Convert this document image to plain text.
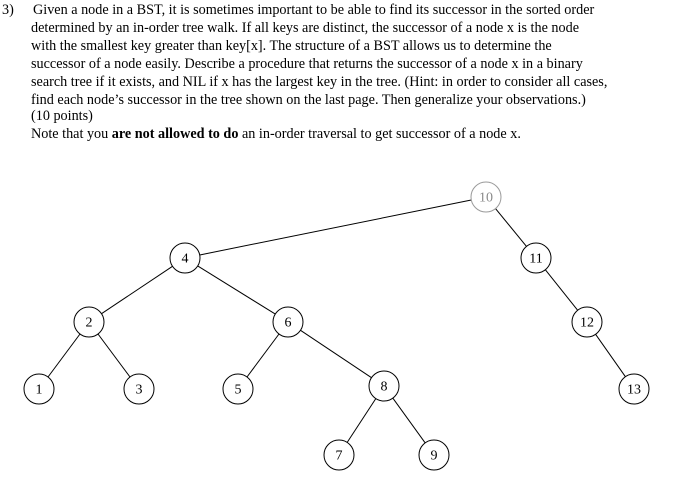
3) Given a node in a BST, it is sometimes important to be able to find its successor in the sorted order
determined by an in-order tree walk. If all keys are distinct, the successor of a node x is the node
with the smallest key greater than key[x]. The structure of a BST allows us to determine the
successor of a node easily. Describe a procedure that returns the successor of a node x in a binary
search tree if it exists, and NIL if x has the largest key in the tree. (Hint: in order to consider all cases,
find each node’s successor in the tree shown on the last page. Then generalize your observations.)
(10 points)
Note that you are not allowed to do an in-order traversal to get successor of a node x.
10
4	11
2	6	12
1	3	5	8	13
7	9
